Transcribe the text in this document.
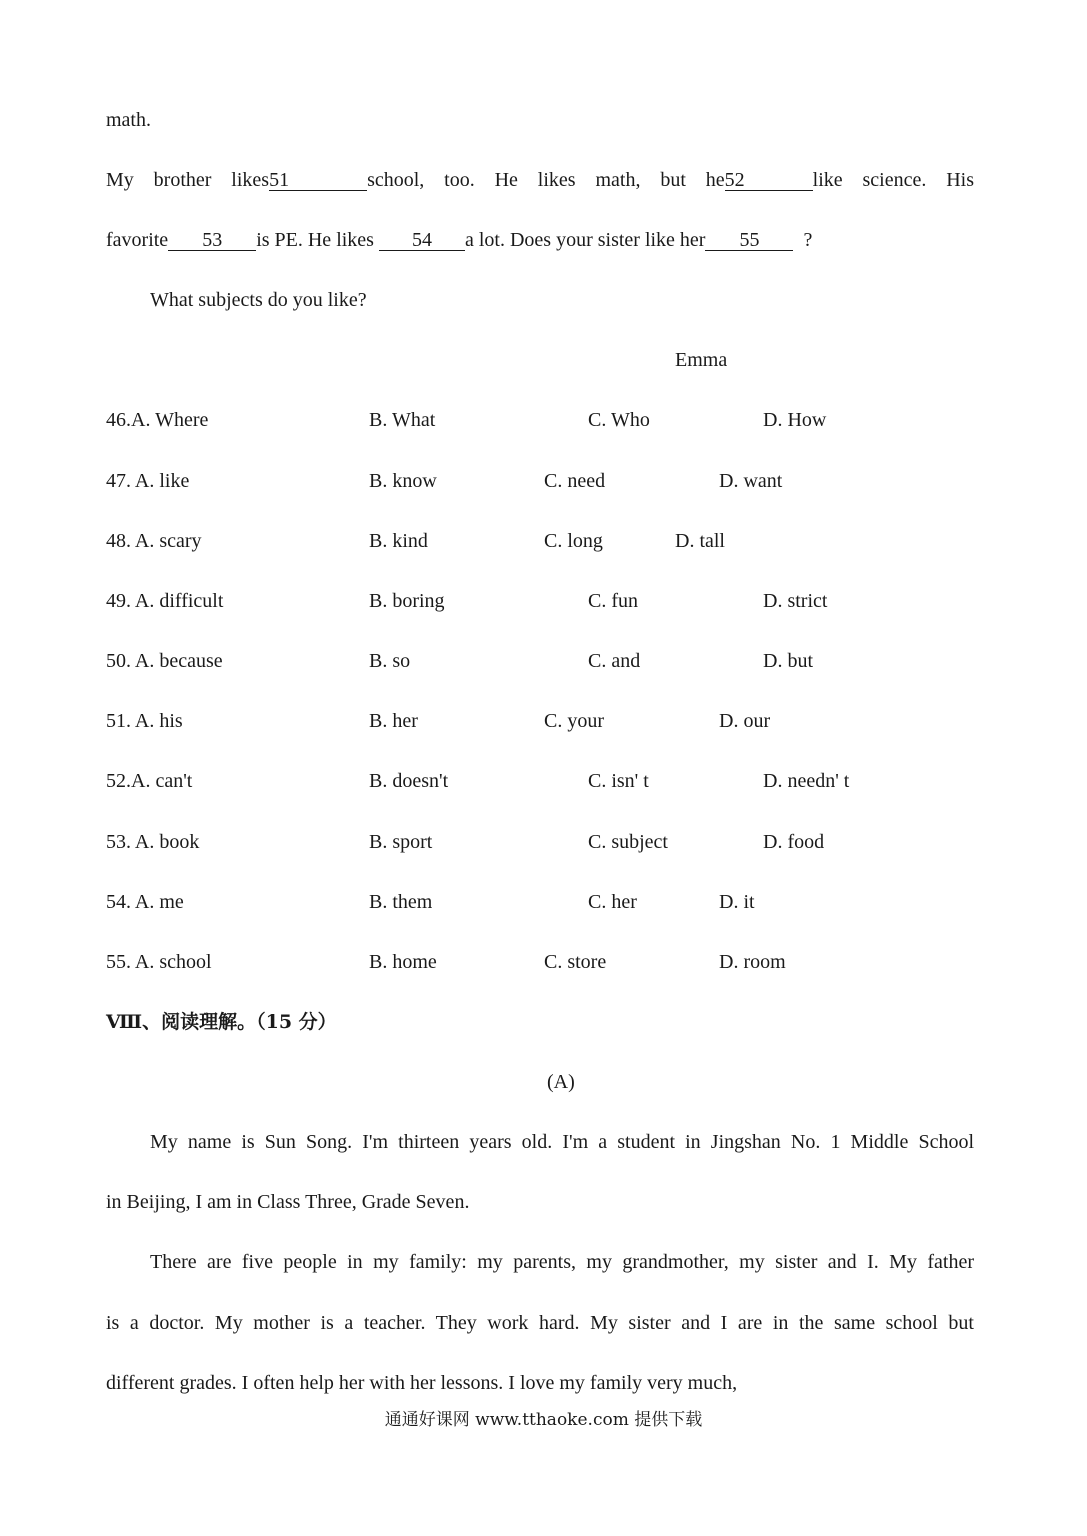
math.
My brother likes51	school, too. He likes math, but he52	like science. His
favorite 53 is PE. He likes 54 a lot. Does your sister like her 55 ?
What subjects do you like?
Emma
46.A. Where	B. What	C. Who	D. How
47. A. like	B. know	C. need	D. want
48. A. scary	B. kind	C. long	D. tall
49. A. difficult	B. boring	C. fun	D. strict
50. A. because	B. so	C. and	D. but
51. A. his	B. her	C. your	D. our
52.A. can't	B. doesn't	C. isn' t	D. needn' t
53. A. book	B. sport	C. subject	D. food
54. A. me	B. them	C. her	D. it
55. A. school	B. home	C. store	D. room
Ⅷ、阅读理解。（15 分）
(A)
My name is Sun Song. I'm thirteen years old. I'm a student in Jingshan No. 1 Middle School
in Beijing, I am in Class Three, Grade Seven.
There are five people in my family: my parents, my grandmother, my sister and I. My father
is a doctor. My mother is a teacher. They work hard. My sister and I are in the same school but
different grades. I often help her with her lessons. I love my family very much,
通通好课网 www.tthaoke.com 提供下载
